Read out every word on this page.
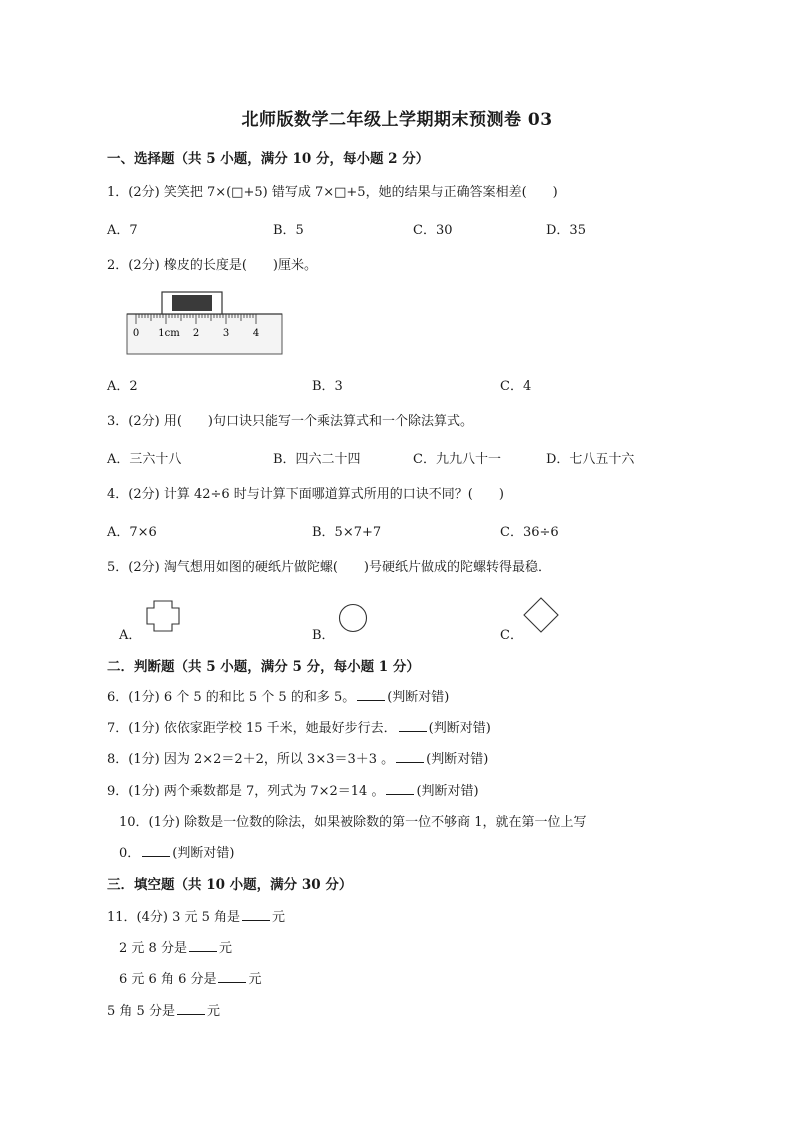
北师版数学二年级上学期期末预测卷 03
一、选择题（共 5 小题，满分 10 分，每小题 2 分）
1．(2分) 笑笑把 7×(□+5) 错写成 7×□+5，她的结果与正确答案相差(　　)
A．7	B．5	C．30	D．35
2．(2分) 橡皮的长度是(　　)厘米。
0 1cm 2 3 4
A．2	B．3	C．4
3．(2分) 用(　　)句口诀只能写一个乘法算式和一个除法算式。
A．三六十八	B．四六二十四	C．九九八十一	D．七八五十六
4．(2分) 计算 42÷6 时与计算下面哪道算式所用的口诀不同？(　　)
A．7×6	B．5×7+7	C．36÷6
5．(2分) 淘气想用如图的硬纸片做陀螺(　　)号硬纸片做成的陀螺转得最稳．
A．	B．	C．
二．判断题（共 5 小题，满分 5 分，每小题 1 分）
6．(1分) 6 个 5 的和比 5 个 5 的和多 5。 (判断对错)
7．(1分) 依依家距学校 15 千米，她最好步行去． (判断对错)
8．(1分) 因为 2×2＝2＋2，所以 3×3＝3＋3 。 (判断对错)
9．(1分) 两个乘数都是 7，列式为 7×2＝14 。 (判断对错)
10．(1分) 除数是一位数的除法，如果被除数的第一位不够商 1，就在第一位上写
0． (判断对错)
三．填空题（共 10 小题，满分 30 分）
11．(4分) 3 元 5 角是 元
2 元 8 分是 元
6 元 6 角 6 分是 元
5 角 5 分是 元
